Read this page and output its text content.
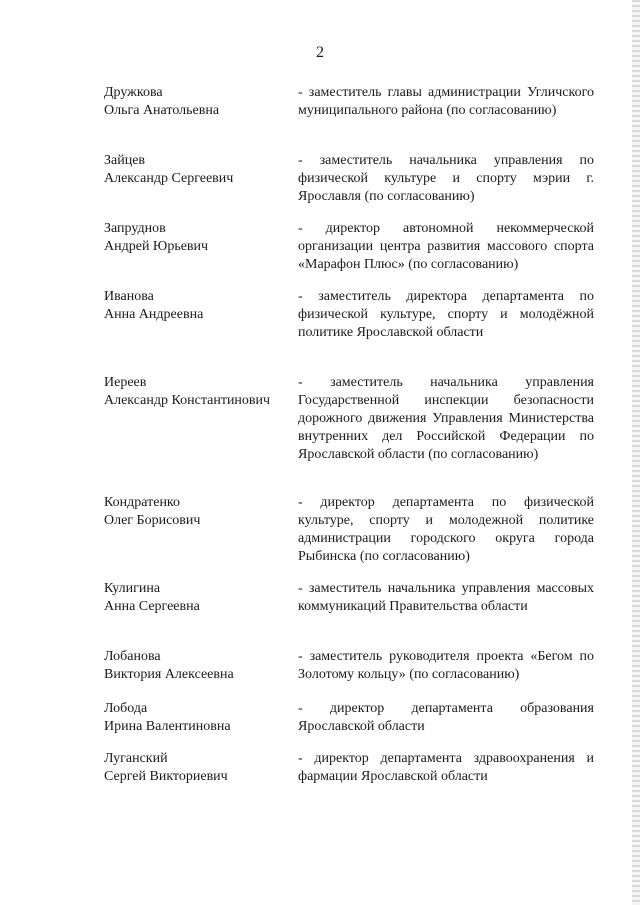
2
Дружкова
Ольга Анатольевна
- заместитель главы администрации Угличского муниципального района (по согласованию)
Зайцев
Александр Сергеевич
- заместитель начальника управления по физической культуре и спорту мэрии г. Ярославля (по согласованию)
Запруднов
Андрей Юрьевич
- директор автономной некоммерческой организации центра развития массового спорта «Марафон Плюс» (по согласованию)
Иванова
Анна Андреевна
- заместитель директора департамента по физической культуре, спорту и молодёжной политике Ярославской области
Иереев
Александр Константинович
- заместитель начальника управления Государственной инспекции безопасности дорожного движения Управления Министерства внутренних дел Российской Федерации по Ярославской области (по согласованию)
Кондратенко
Олег Борисович
- директор департамента по физической культуре, спорту и молодежной политике администрации городского округа города Рыбинска (по согласованию)
Кулигина
Анна Сергеевна
- заместитель начальника управления массовых коммуникаций Правительства области
Лобанова
Виктория Алексеевна
- заместитель руководителя проекта «Бегом по Золотому кольцу» (по согласованию)
Лобода
Ирина Валентиновна
- директор департамента образования Ярославской области
Луганский
Сергей Викториевич
- директор департамента здравоохранения и фармации Ярославской области
